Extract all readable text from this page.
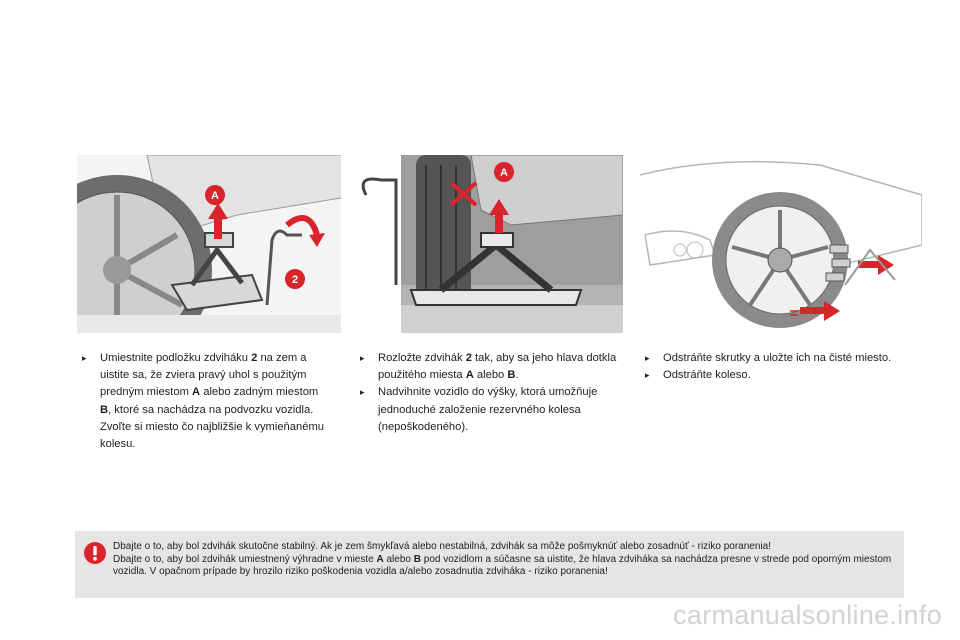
A
2
A
▸	Umiestnite podložku zdviháku 2 na zem a uistite sa, že zviera pravý uhol s použitým predným miestom A alebo zadným miestom B, ktoré sa nachádza na podvozku vozidla. Zvoľte si miesto čo najbližšie k vymieňanému kolesu.
▸	Rozložte zdvihák 2 tak, aby sa jeho hlava dotkla použitého miesta A alebo B.
▸	Nadvihnite vozidlo do výšky, ktorá umožňuje jednoduché založenie rezervného kolesa (nepoškodeného).
▸	Odstráňte skrutky a uložte ich na čisté miesto.
▸	Odstráňte koleso.
Dbajte o to, aby bol zdvihák skutočne stabilný. Ak je zem šmykľavá alebo nestabilná, zdvihák sa môže pošmyknúť alebo zosadnúť - riziko poranenia!
Dbajte o to, aby bol zdvihák umiestnený výhradne v mieste A alebo B pod vozidlom a súčasne sa uistite, že hlava zdviháka sa nachádza presne v strede pod oporným miestom vozidla. V opačnom prípade by hrozilo riziko poškodenia vozidla a/alebo zosadnutia zdviháka - riziko poranenia!
carmanualsonline.info
